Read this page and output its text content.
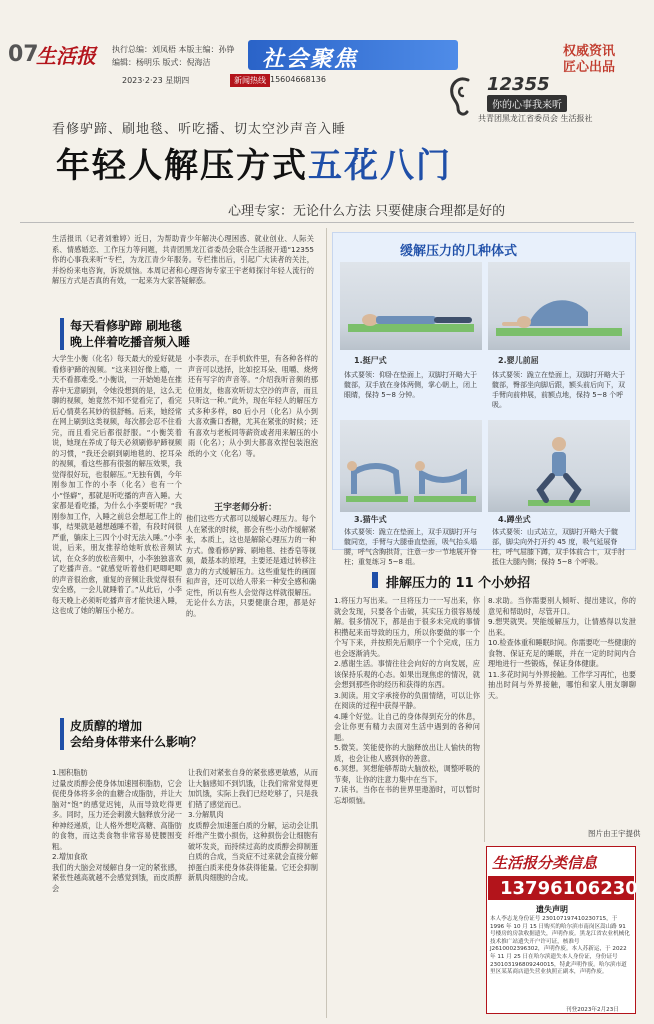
07
生活报 执行总编：刘凤梧 本版主编：孙铮
编辑：杨明乐 版式：倪海洁 社会聚焦	权威资讯
匠心出品
2023·2·23 星期四	新闻热线 15604668136	12355
你的心事我来听
共青团黑龙江省委员会 生活报社
看修驴蹄、刷地毯、听吃播、切太空沙声音入睡
年轻人解压方式五花八门
心理专家：无论什么方法 只要健康合理都是好的
生活报讯（记者刘雅婷）近日，为帮助青少年解决心理困惑、就业创业、人际关系、情感婚恋、工作压力等问题，共青团黑龙江省委员会联合生活报开通“12355 你的心事我来听”专栏，为龙江青少年服务。专栏推出后，引起广大读者的关注，并纷纷来电咨询，诉说烦恼。本周记者和心理咨询专家王宇老师探讨年轻人流行的解压方式是否真的有效，一起来为大家答疑解惑。
每天看修驴蹄 刷地毯
晚上伴着吃播音频入睡
大学生小衡（化名）每天最大的爱好就是看修驴蹄的视频。“这来回好像上瘾，一天不看都难受。”小衡说，一开始她是在推荐中无意刷到，令她没想到的是，这么无聊的视频，她竟然不知不觉看完了，看完后心情莫名其妙的很舒畅。后来，她经常在网上刷到这类视频，每次都会忍不住看完，而且看完后都很舒服。“小衡笑着说，她现在养成了每天必须刷修驴蹄视频的习惯，“我还会刷到刷地毯的、挖耳朵的视频，看这些都有很强的解压效果，我觉得很好玩，也很解压。”无独有偶，今年刚参加工作的小李（化名）也有一个小“怪癖”，那就是听吃播的声音入睡。大家都是看吃播，为什么小李要听呢？“我刚参加工作，入睡之前总会想起工作上的事，结果就是越想越睡不着，有段时间很严重，躺床上三四个小时无法入睡。”小李说，后来，朋友推荐给她听放松音频试试，在众多的放松音频中，小李独独喜欢了吃播声音。“就感觉听着他们吧唧吧唧的声音很治愈，重复的音频让我觉得很有安全感，一会儿就睡着了。”从此后，小李每天晚上必须听吃播声音才能快速入睡，这也成了她的解压小秘方。
小李表示，在手机软件里，有各种各样的声音可以选择，比如挖耳朵、咀嚼、烧烤还有写字的声音等。“介绍我听音频的那位朋友，他喜欢听切太空沙的声音，而且只听这一种。”此外，现在年轻人的解压方式多种多样，80 后小月（化名）从小到大喜欢撕口香糖，尤其在紧张的时候；还有喜欢与老板同等薪资或者用来解压的小雨（化名）；从小到大都喜欢捏包装泡泡纸的小文（化名）等。
王宇老师分析：
他们这些方式都可以缓解心理压力。每个人在紧张的时候，都会有些小动作缓解紧张，本质上，这也是解除心理压力的一种方式。像看修驴蹄、刷地毯、挂香皂等视频，最基本的原理，主要还是通过转移注意力的方式缓解压力。这些重复性的画面和声音，还可以给人带来一种安全感和确定性，所以有些人会觉得这样就很解压。无论什么方法，只要健康合理，都是好的。
皮质醇的增加
会给身体带来什么影响？
1.囤积脂肪
过量皮质醇会使身体加速囤积脂肪，它会促使身体将多余的血糖合成脂肪，并让大脑对“饱”的感觉迟钝，从而导致吃得更多。同时，压力还会刺激大脑释放分泌一种神经递质，让人格外想吃高糖、高脂肪的食物，而这类食物非常容易使腰围变粗。
2.增加食欲
我们的大脑会对缓解自身一定的紧张感，紧张性越高就越不会感觉到饿，而皮质醇会
让我们对紧张自身的紧张感更敏感，从而让大脑感知不到饥饿，让我们常常觉得更加饥饿，实际上我们已经吃够了，只是我们错了感觉而已。
3.分解肌肉
皮质醇会加速蛋白质的分解，运动会让肌纤维产生微小损伤，这种损伤会让细胞有破坏发炎，而持续过高的皮质醇会抑制蛋白质的合成，当炎症不过来就会直接分解掉蛋白质来使身体获得能量。它还会抑制新肌肉细胞的合成。
缓解压力的几种体式
1.挺尸式	2.婴儿前屈
3.猫牛式	4.蹲坐式
体式要领：仰卧在垫面上，双脚打开略大于髋部，双手放在身体两侧，掌心朝上，闭上眼睛，保持 5~8 分钟。
体式要领：跪立在垫面上，双脚打开略大于髋部，臀部坐向脚后跟，额头前后向下，双手臂向前伸展，前额点地，保持 5~8 个呼吸。
体式要领：跪立在垫面上，双手双脚打开与髋同宽，手臂与大腿垂直垫面，吸气抬头塌腰，呼气含胸拱背，注意一步一节地展开脊柱；重复练习 5~8 组。
体式要领：山式站立，双脚打开略大于髋部，脚尖向外打开约 45 度，吸气延展脊柱，呼气屈膝下蹲，双手体前合十，双手肘抵住大腿内侧；保持 5~8 个呼吸。
排解压力的 11 个小妙招
1.将压力写出来。一旦将压力一一写出来，你就会发现，只要各个击破，其实压力很容易缓解。很多情况下，都是由于很多未完成的事情积攒起来而导致的压力，所以你要做的事一个个写下来，并按照先后顺序一个个完成，压力也会逐渐消失。
2.感谢生活。事情往往会向好的方向发展，应该保持乐观的心态。如果出现焦虑的情况，就会想到那些你的经历和获得的东西。
3.阅读。用文字承接你的负面情绪，可以让你在阅读的过程中获得平静。
4.睡个好觉。让自己的身体得到充分的休息，会让你更有精力去面对生活中遇到的各种问题。
5.微笑。笑能使你的大脑释放出让人愉快的物质，也会让他人感到你的善意。
6.冥想。冥想能够帮助大脑放松，调整呼吸的节奏，让你的注意力集中在当下。
7.读书。当你在书的世界里遨游时，可以暂时忘却烦恼。
8.求助。当你需要别人倾听、提出建议，你的意见和帮助时，尽管开口。
9.想哭就哭。哭能缓解压力，让情感得以发泄出来。
10.检查体重和睡眠时间。你需要吃一些健康的食物、保证充足的睡眠，并在一定的时间内合理地进行一些锻炼，保证身体健康。
11.多花时间与外界接触。工作学习再忙，也要抽出时间与外界接触，哪怕和家人朋友聊聊天。
图片由王宇提供
生活报分类信息
13796106230
遗失声明
本人李志龙身份证号 230107197410230715，于 1996 年 10 月 15 日购买的哈尔滨市南岗区嵩山路 91 号楼房的房款收据遗失，声明作废。黑龙江省农业机械化技术推广站遗失开户许可证，核准号 J2610002396302，声明作废。本人苏新运，于 2022 年 11 月 25 日在哈尔滨遗失本人身份证，身份证号 230103196809240015，特此声明作废。哈尔滨市道里区某某商店遗失营业执照正副本，声明作废。
刊登2023年2月23日
